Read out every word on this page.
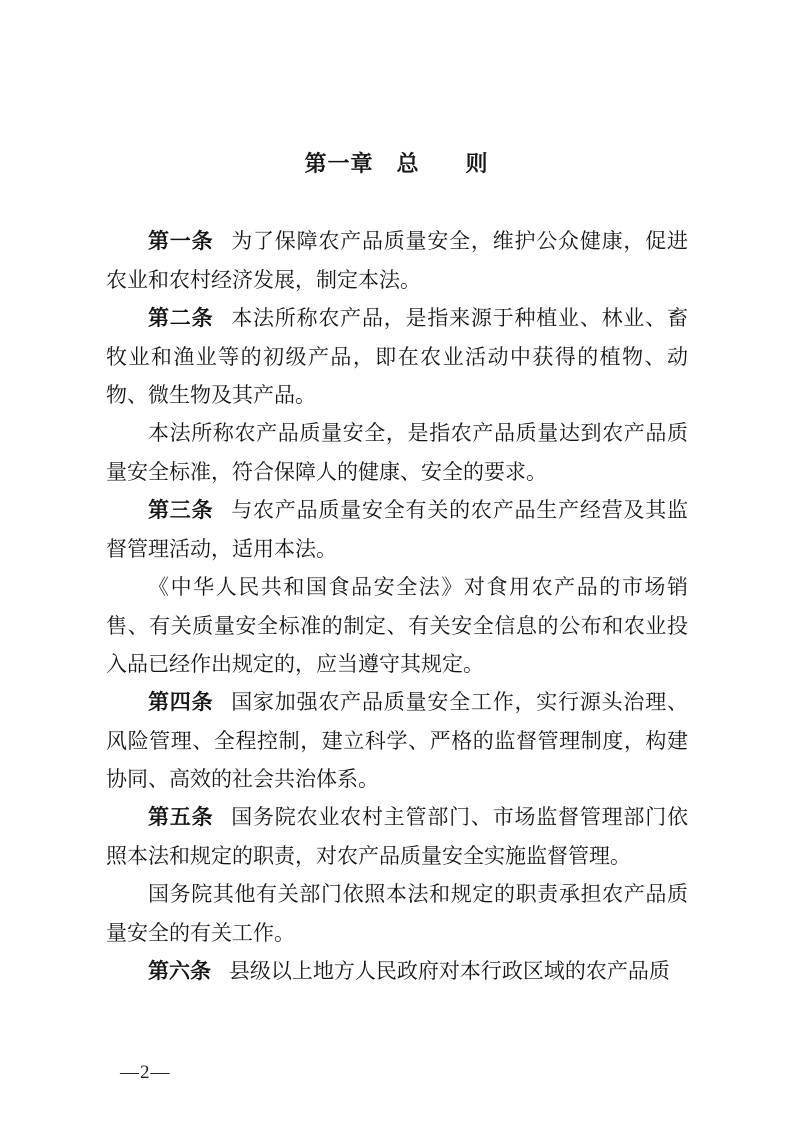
第一章　总　　则

第一条 为了保障农产品质量安全，维护公众健康，促进农业和农村经济发展，制定本法。

第二条 本法所称农产品，是指来源于种植业、林业、畜牧业和渔业等的初级产品，即在农业活动中获得的植物、动物、微生物及其产品。

本法所称农产品质量安全，是指农产品质量达到农产品质量安全标准，符合保障人的健康、安全的要求。

第三条 与农产品质量安全有关的农产品生产经营及其监督管理活动，适用本法。

《中华人民共和国食品安全法》对食用农产品的市场销售、有关质量安全标准的制定、有关安全信息的公布和农业投入品已经作出规定的，应当遵守其规定。

第四条 国家加强农产品质量安全工作，实行源头治理、风险管理、全程控制，建立科学、严格的监督管理制度，构建协同、高效的社会共治体系。

第五条 国务院农业农村主管部门、市场监督管理部门依照本法和规定的职责，对农产品质量安全实施监督管理。

国务院其他有关部门依照本法和规定的职责承担农产品质量安全的有关工作。

第六条 县级以上地方人民政府对本行政区域的农产品质

—2—
